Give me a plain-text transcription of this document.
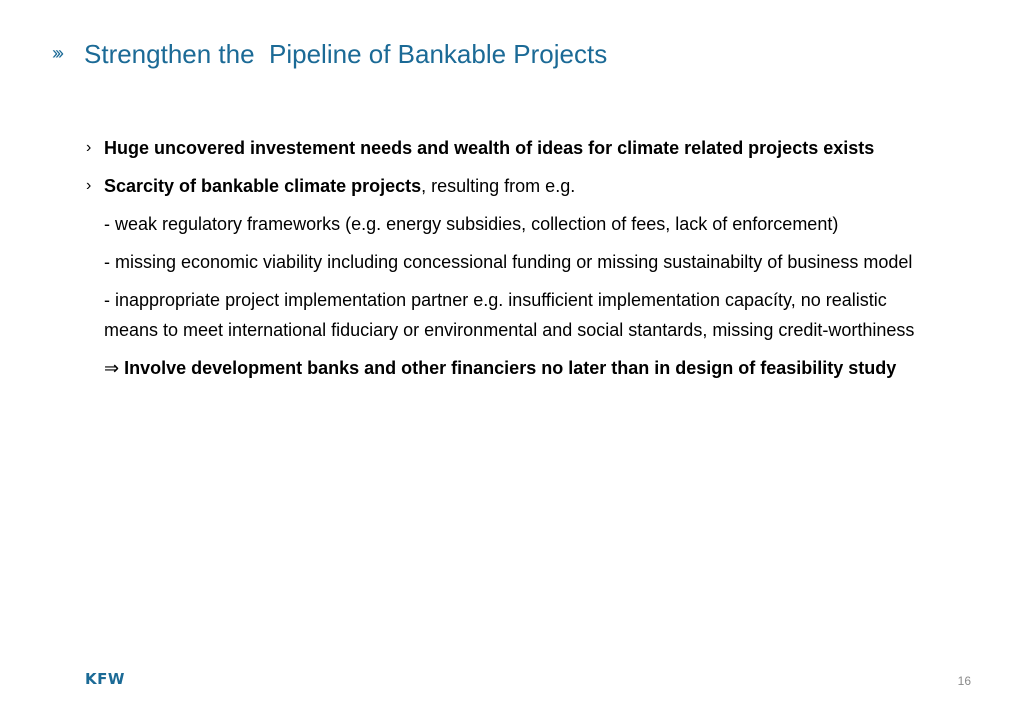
››› Strengthen the  Pipeline of Bankable Projects
› Huge uncovered investement needs and wealth of ideas for climate related projects exists
› Scarcity of bankable climate projects, resulting from e.g.
- weak regulatory frameworks (e.g. energy subsidies, collection of fees, lack of enforcement)
- missing economic viability including concessional funding or missing sustainabilty of business model
- inappropriate project implementation partner e.g. insufficient implementation capacíty, no realistic means to meet international fiduciary or environmental and social stantards, missing credit-worthiness
⇒ Involve development banks and other financiers no later than in design of feasibility study
KFW	16
